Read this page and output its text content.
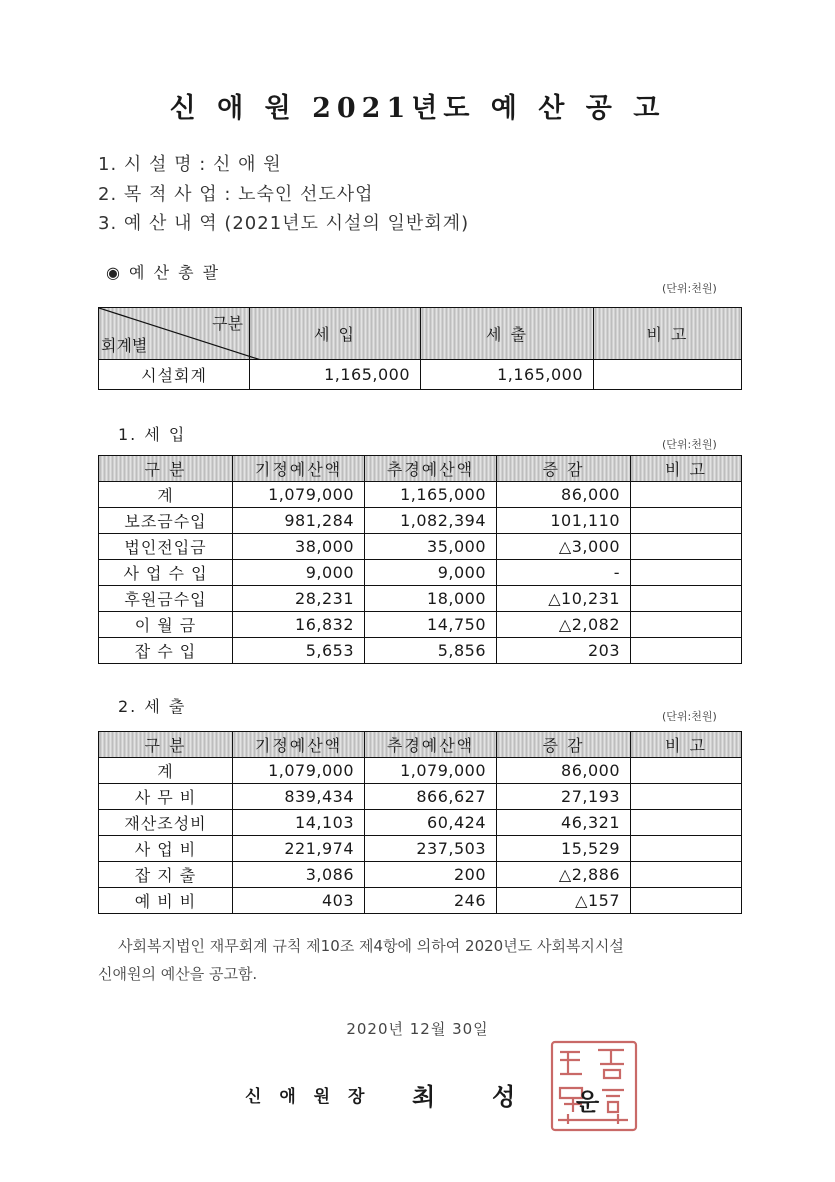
신 애 원 2021년도 예 산 공 고
1. 시 설 명 : 신 애 원
2. 목 적 사 업 : 노숙인 선도사업
3. 예 산 내 역 (2021년도 시설의 일반회계)
◉ 예 산 총 괄
(단위:천원)
구분
회계별	세 입	세 출	비 고
시설회계	1,165,000	1,165,000	
1. 세 입
(단위:천원)
구 분	기정예산액	추경예산액	증 감	비 고
계	1,079,000	1,165,000	86,000	
보조금수입	981,284	1,082,394	101,110	
법인전입금	38,000	35,000	△3,000	
사 업 수 입	9,000	9,000	-	
후원금수입	28,231	18,000	△10,231	
이 월 금	16,832	14,750	△2,082	
잡 수 입	5,653	5,856	203	
2. 세 출
(단위:천원)
구 분	기정예산액	추경예산액	증 감	비 고
계	1,079,000	1,079,000	86,000	
사 무 비	839,434	866,627	27,193	
재산조성비	14,103	60,424	46,321	
사 업 비	221,974	237,503	15,529	
잡 지 출	3,086	200	△2,886	
예 비 비	403	246	△157	
사회복지법인 재무회계 규칙 제10조 제4항에 의하여 2020년도 사회복지시설
신애원의 예산을 공고함.
2020년 12월 30일
신 애 원 장 최 성	운
